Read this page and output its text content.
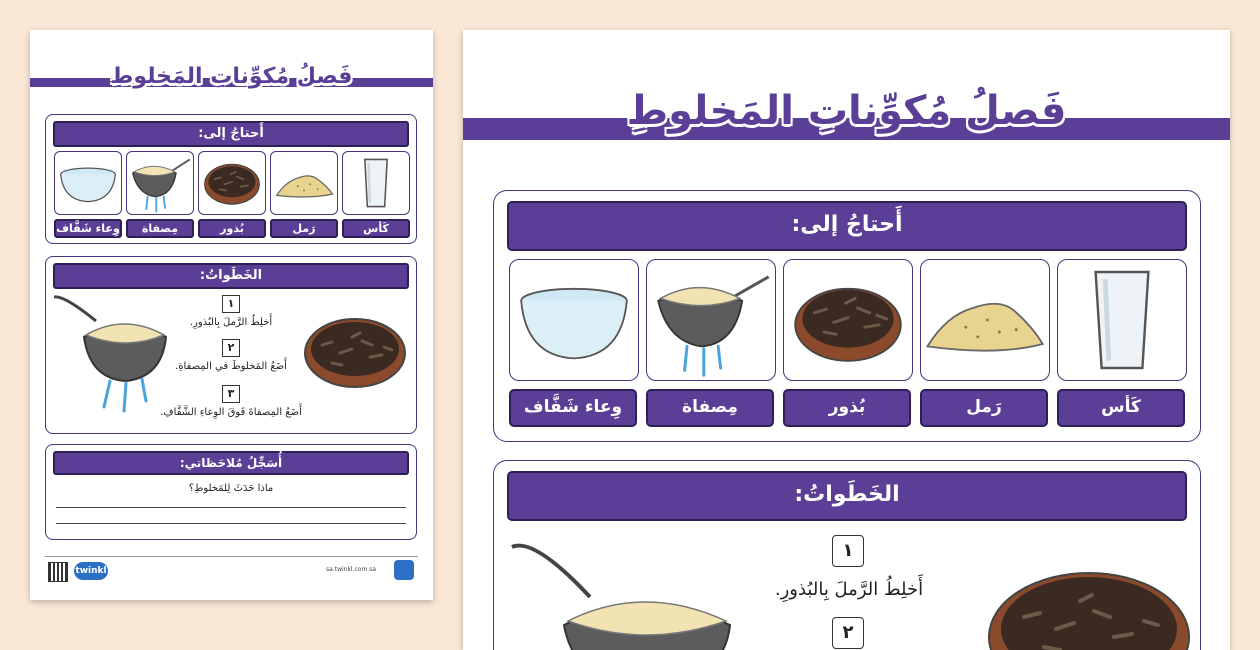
فَصلُ مُكوِّناتِ المَخلوطِ
أَحتاجُ إلى:
كَأس
رَمل
بُذور
مِصفاة
وِعاء شَفَّاف
الخَطَواتُ:
١
أَخلِطُ الرَّملَ بِالبُذورِ.
٢
أَضَعُ المَخلوطَ في المِصفاةِ.
٣
أَضَعُ المِصفاةَ فَوقَ الوِعاءِ الشَّفَّافِ.
أُسَجِّلُ مُلاحَظاتي:
ماذا حَدَثَ لِلمَخلوطِ؟
twinkl	sa.twinkl.com.sa
فَصلُ مُكوِّناتِ المَخلوطِ
أَحتاجُ إلى:
كَأس
رَمل
بُذور
مِصفاة
وِعاء شَفَّاف
الخَطَواتُ:
١
أَخلِطُ الرَّملَ بِالبُذورِ.
٢
